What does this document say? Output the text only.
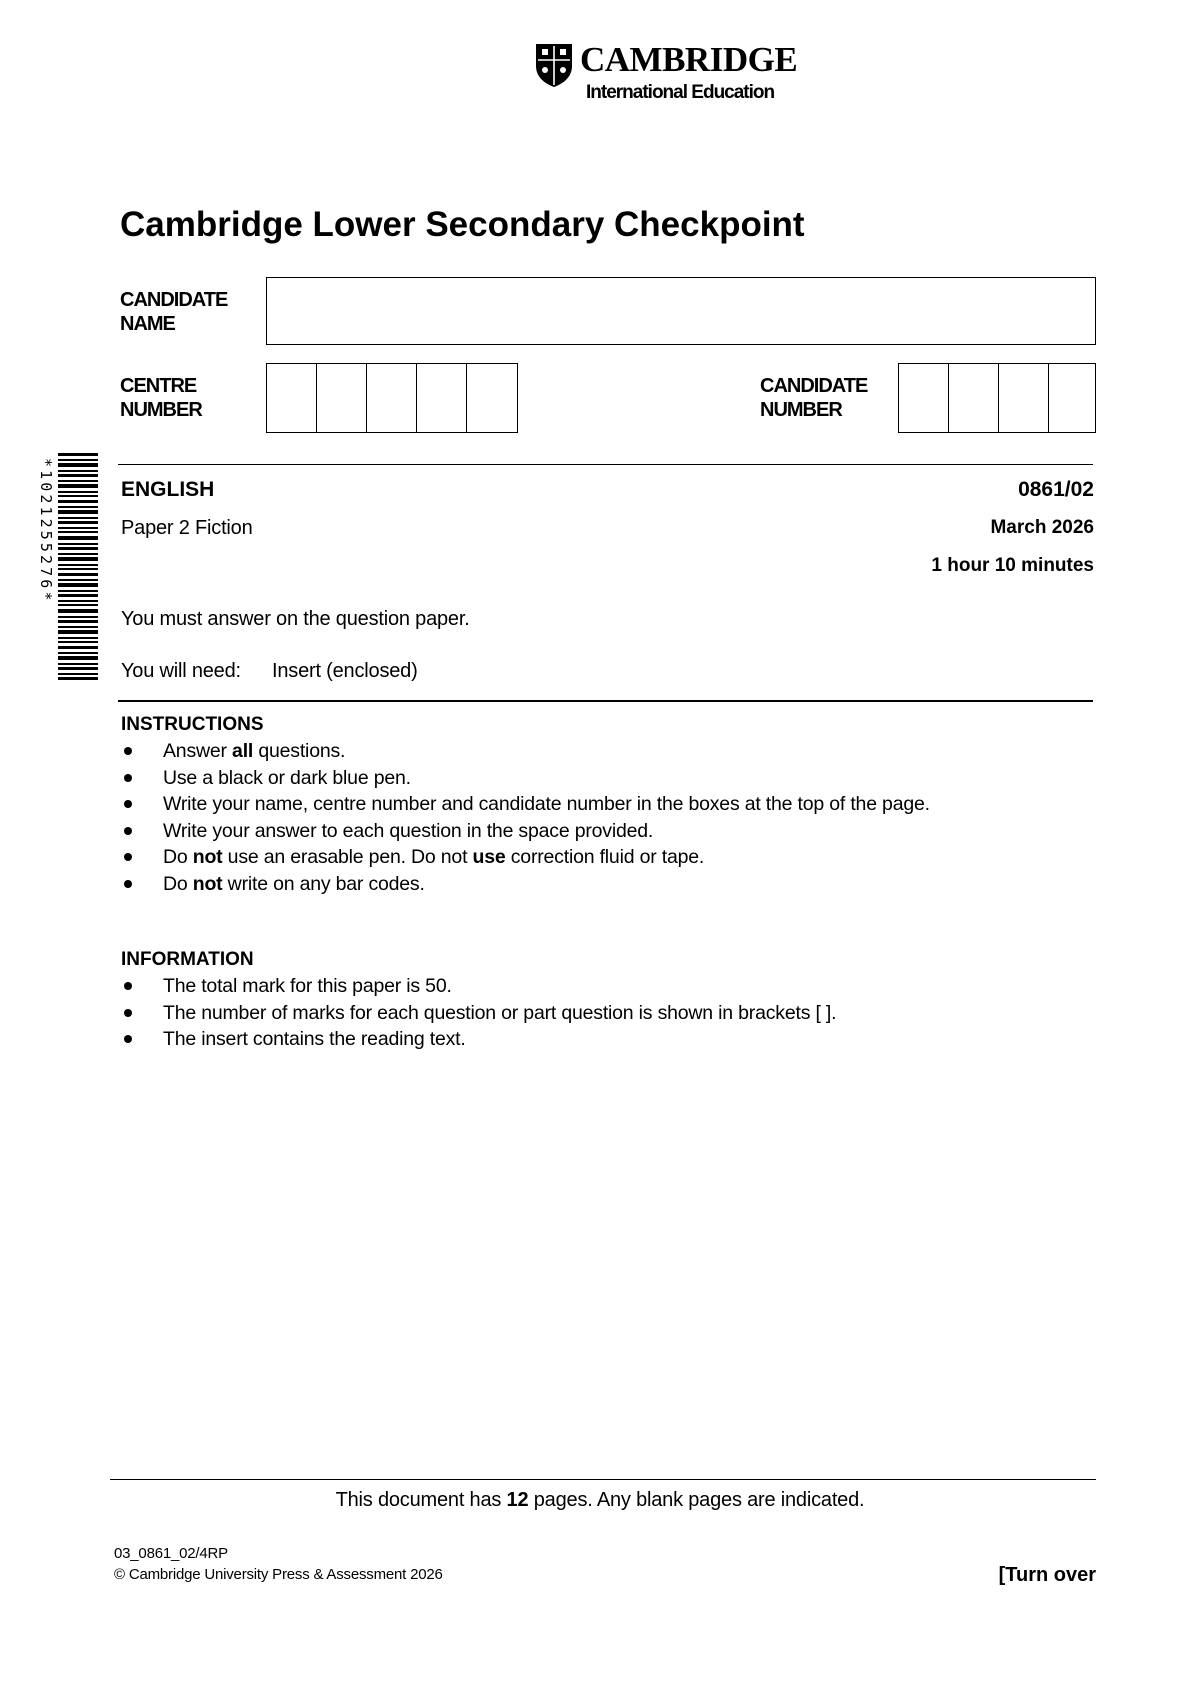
CAMBRIDGE
International Education
Cambridge Lower Secondary Checkpoint
CANDIDATE
NAME
CENTRE
NUMBER
CANDIDATE
NUMBER
*1021255276*	ENGLISH	0861/02
Paper 2 Fiction	March 2026
1 hour 10 minutes
You must answer on the question paper.
You will need: Insert (enclosed)
INSTRUCTIONS
Answer all questions.
Use a black or dark blue pen.
Write your name, centre number and candidate number in the boxes at the top of the page.
Write your answer to each question in the space provided.
Do not use an erasable pen. Do not use correction fluid or tape.
Do not write on any bar codes.
INFORMATION
The total mark for this paper is 50.
The number of marks for each question or part question is shown in brackets [ ].
The insert contains the reading text.
This document has 12 pages. Any blank pages are indicated.
03_0861_02/4RP
© Cambridge University Press & Assessment 2026	[Turn over
